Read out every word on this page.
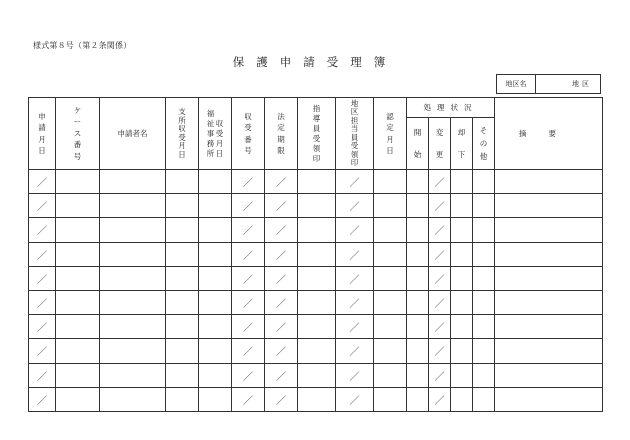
様式第８号（第２条関係）
保護申請受理簿
地区名	地区
申請月日	ケース番号	申請者名	支所収受月日	福祉事務所収受月日	収受番号	法定期限	指導員受領印	地区担当員受領印	認定月日	処理状況				摘要
										開始	変更	却下	その他	
／					／	／		／			／			
／					／	／		／			／			
／					／	／		／			／			
／					／	／		／			／			
／					／	／		／			／			
／					／	／		／			／			
／					／	／		／			／			
／					／	／		／			／			
／					／	／		／			／			
／					／	／		／			／			
